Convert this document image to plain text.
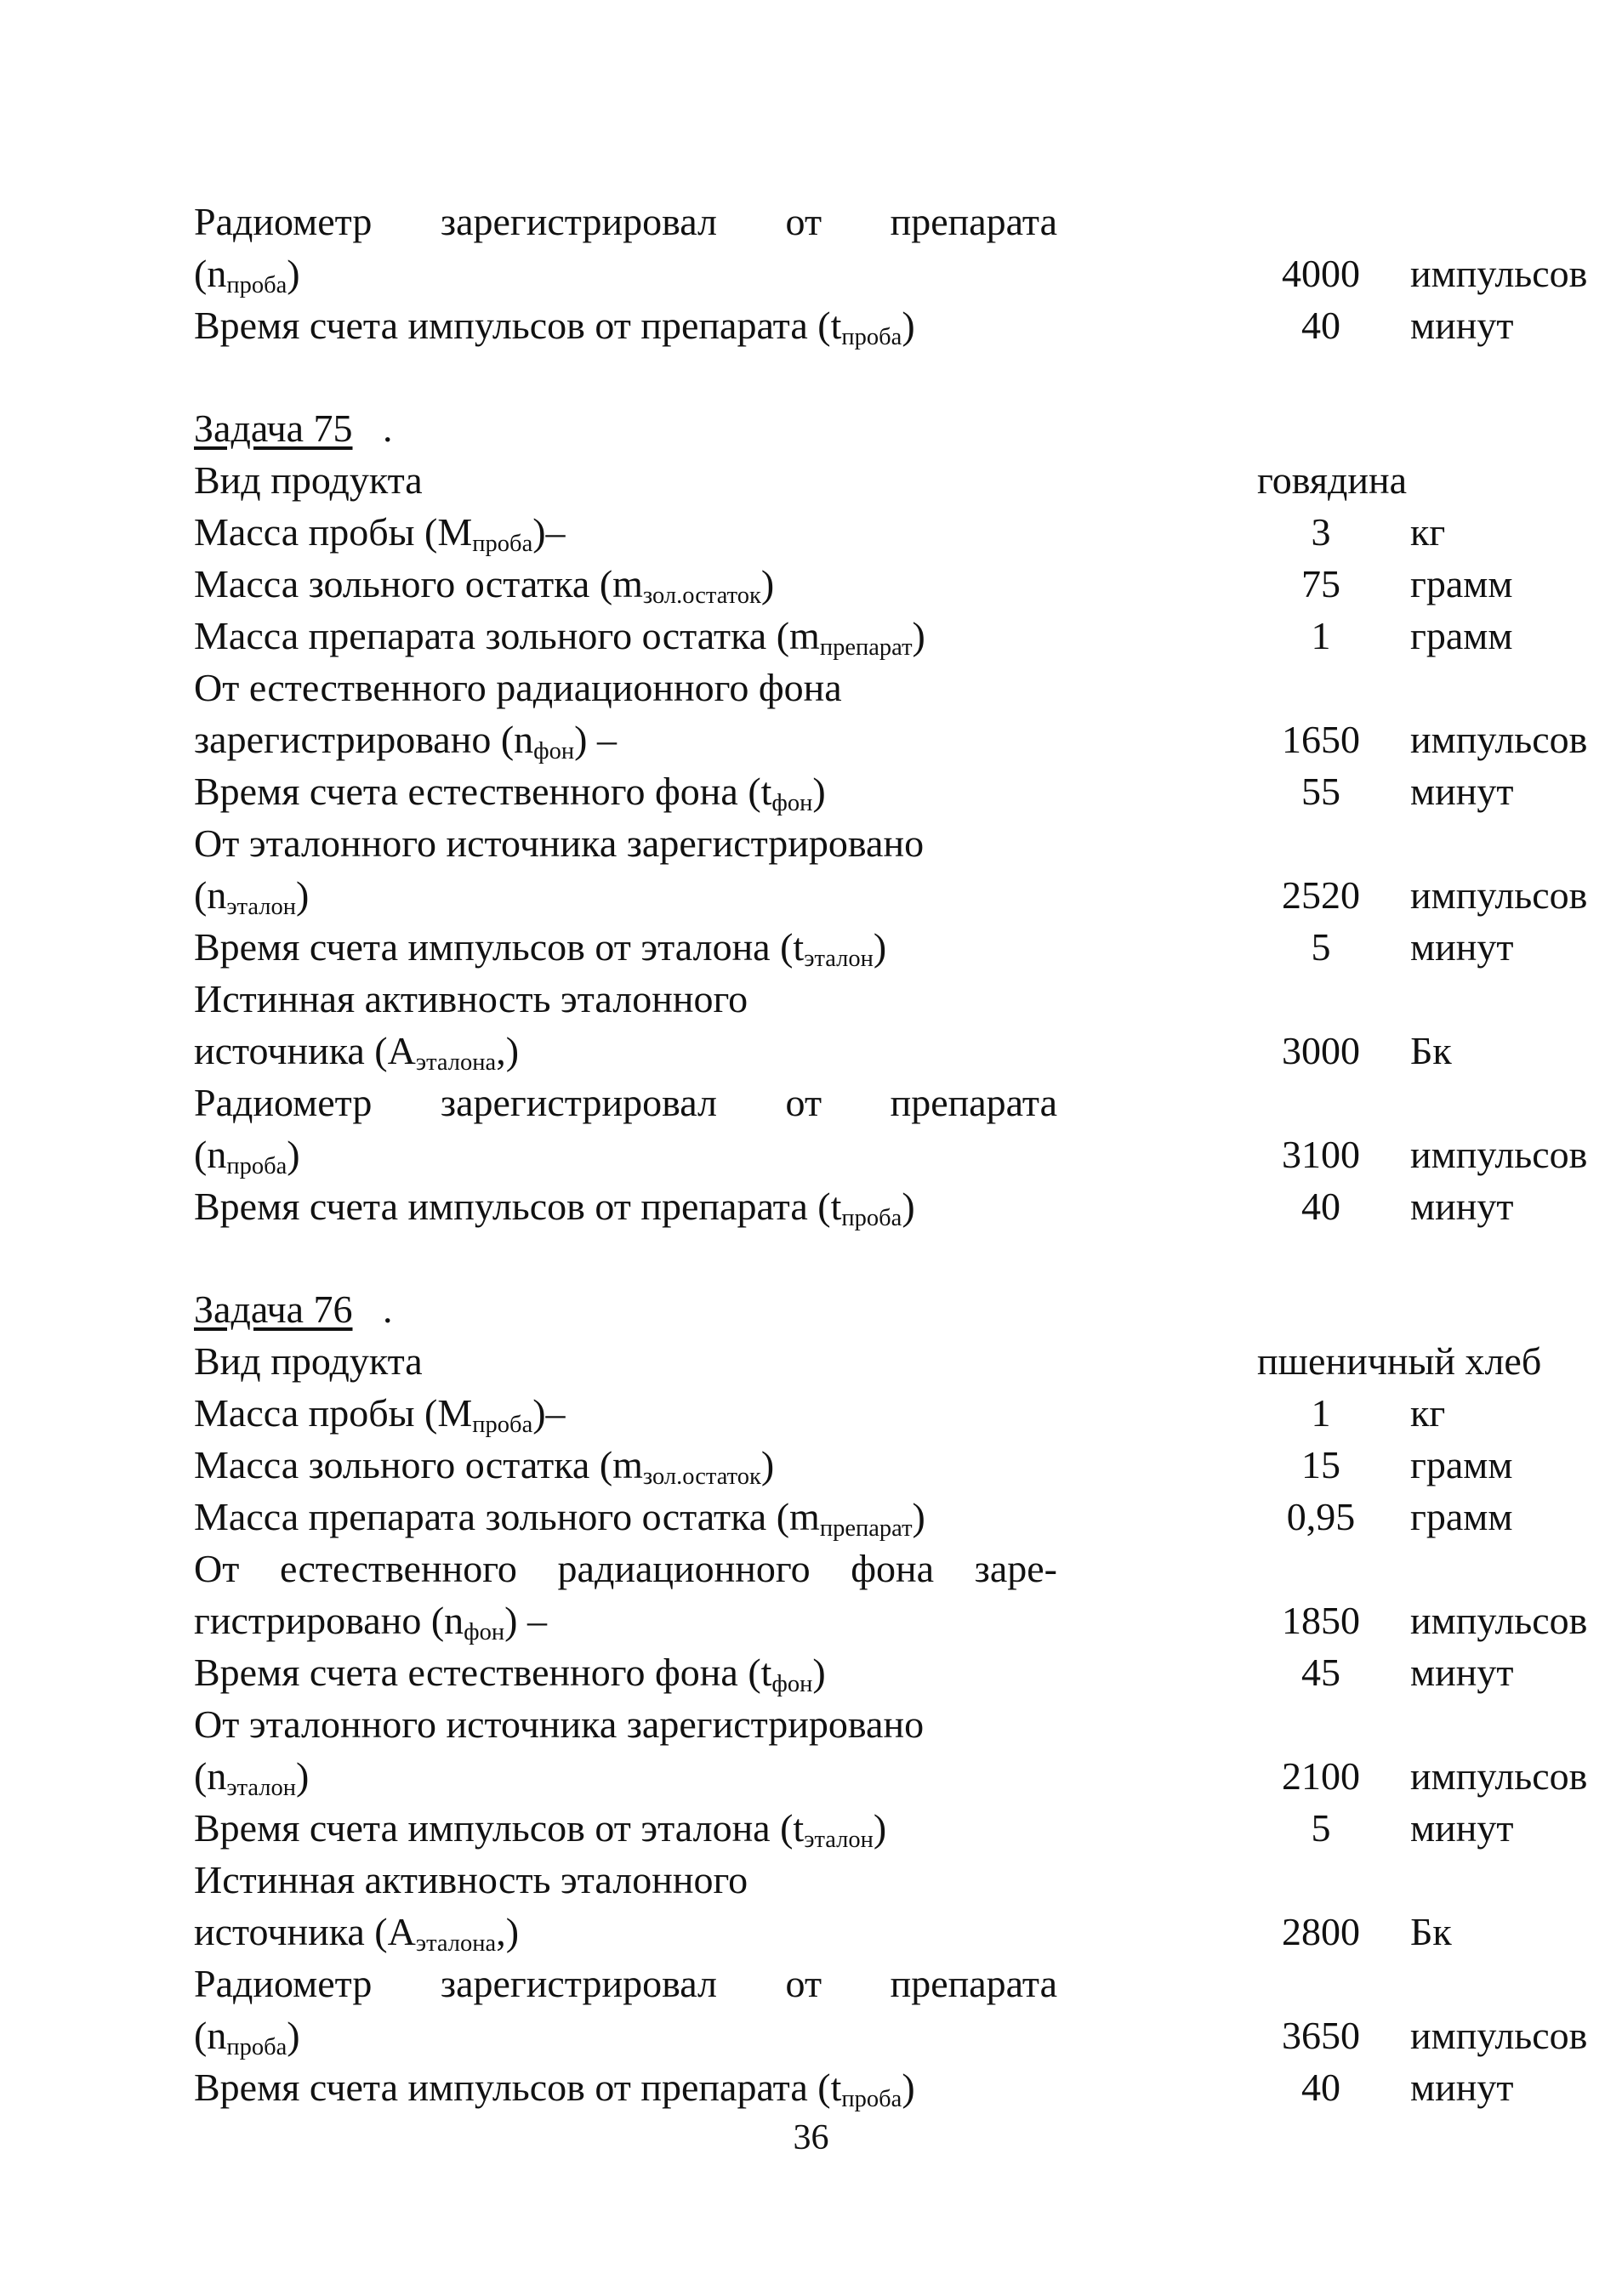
Радиометр зарегистрировал от препарата
$(n_{проба})$	4000	импульсов
Время счета импульсов от препарата $(t_{проба})$	40	минут
Задача 75 .
Вид продукта	говядина
Масса пробы $(M_{проба})-$	3	кг
Масса зольного остатка $(m_{зол.остаток})$	75	грамм
Масса препарата зольного остатка $(m_{препарат})$	1	грамм
От естественного радиационного фона
зарегистрировано $(n_{фон})$ –	1650	импульсов
Время счета естественного фона $(t_{фон})$	55	минут
От эталонного источника зарегистрировано
$(n_{эталон})$	2520	импульсов
Время счета импульсов от эталона $(t_{эталон})$	5	минут
Истинная активность эталонного
источника $(A_{эталона},)$	3000	Бк
Радиометр зарегистрировал от препарата
$(n_{проба})$	3100	импульсов
Время счета импульсов от препарата $(t_{проба})$	40	минут
Задача 76 .
Вид продукта	пшеничный хлеб
Масса пробы $(M_{проба})-$	1	кг
Масса зольного остатка $(m_{зол.остаток})$	15	грамм
Масса препарата зольного остатка $(m_{препарат})$	0,95	грамм
От естественного радиационного фона заре-
гистрировано $(n_{фон})$ –	1850	импульсов
Время счета естественного фона $(t_{фон})$	45	минут
От эталонного источника зарегистрировано
$(n_{эталон})$	2100	импульсов
Время счета импульсов от эталона $(t_{эталон})$	5	минут
Истинная активность эталонного
источника $(A_{эталона},)$	2800	Бк
Радиометр зарегистрировал от препарата
$(n_{проба})$	3650	импульсов
Время счета импульсов от препарата $(t_{проба})$	40	минут
36
